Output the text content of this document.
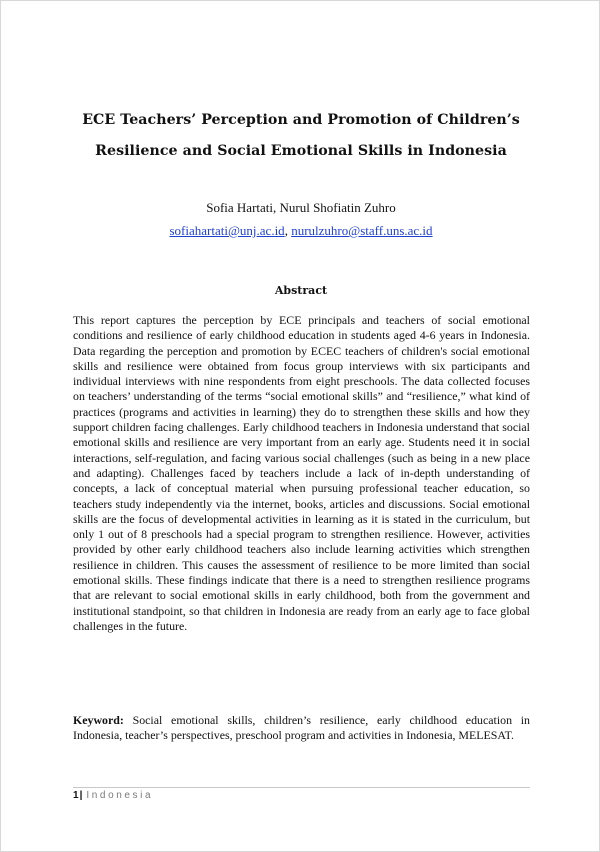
ECE Teachers’ Perception and Promotion of Children’s Resilience and Social Emotional Skills in Indonesia
Sofia Hartati, Nurul Shofiatin Zuhro
sofiahartati@unj.ac.id, nurulzuhro@staff.uns.ac.id
Abstract

This report captures the perception by ECE principals and teachers of social emotional conditions and resilience of early childhood education in students aged 4-6 years in Indonesia. Data regarding the perception and promotion by ECEC teachers of children's social emotional skills and resilience were obtained from focus group interviews with six participants and individual interviews with nine respondents from eight preschools. The data collected focuses on teachers’ understanding of the terms “social emotional skills” and “resilience,” what kind of practices (programs and activities in learning) they do to strengthen these skills and how they support children facing challenges. Early childhood teachers in Indonesia understand that social emotional skills and resilience are very important from an early age. Students need it in social interactions, self-regulation, and facing various social challenges (such as being in a new place and adapting). Challenges faced by teachers include a lack of in-depth understanding of concepts, a lack of conceptual material when pursuing professional teacher education, so teachers study independently via the internet, books, articles and discussions. Social emotional skills are the focus of developmental activities in learning as it is stated in the curriculum, but only 1 out of 8 preschools had a special program to strengthen resilience. However, activities provided by other early childhood teachers also include learning activities which strengthen resilience in children. This causes the assessment of resilience to be more limited than social emotional skills. These findings indicate that there is a need to strengthen resilience programs that are relevant to social emotional skills in early childhood, both from the government and institutional standpoint, so that children in Indonesia are ready from an early age to face global challenges in the future.

Keyword: Social emotional skills, children’s resilience, early childhood education in Indonesia, teacher’s perspectives, preschool program and activities in Indonesia, MELESAT.

1| Indonesia
